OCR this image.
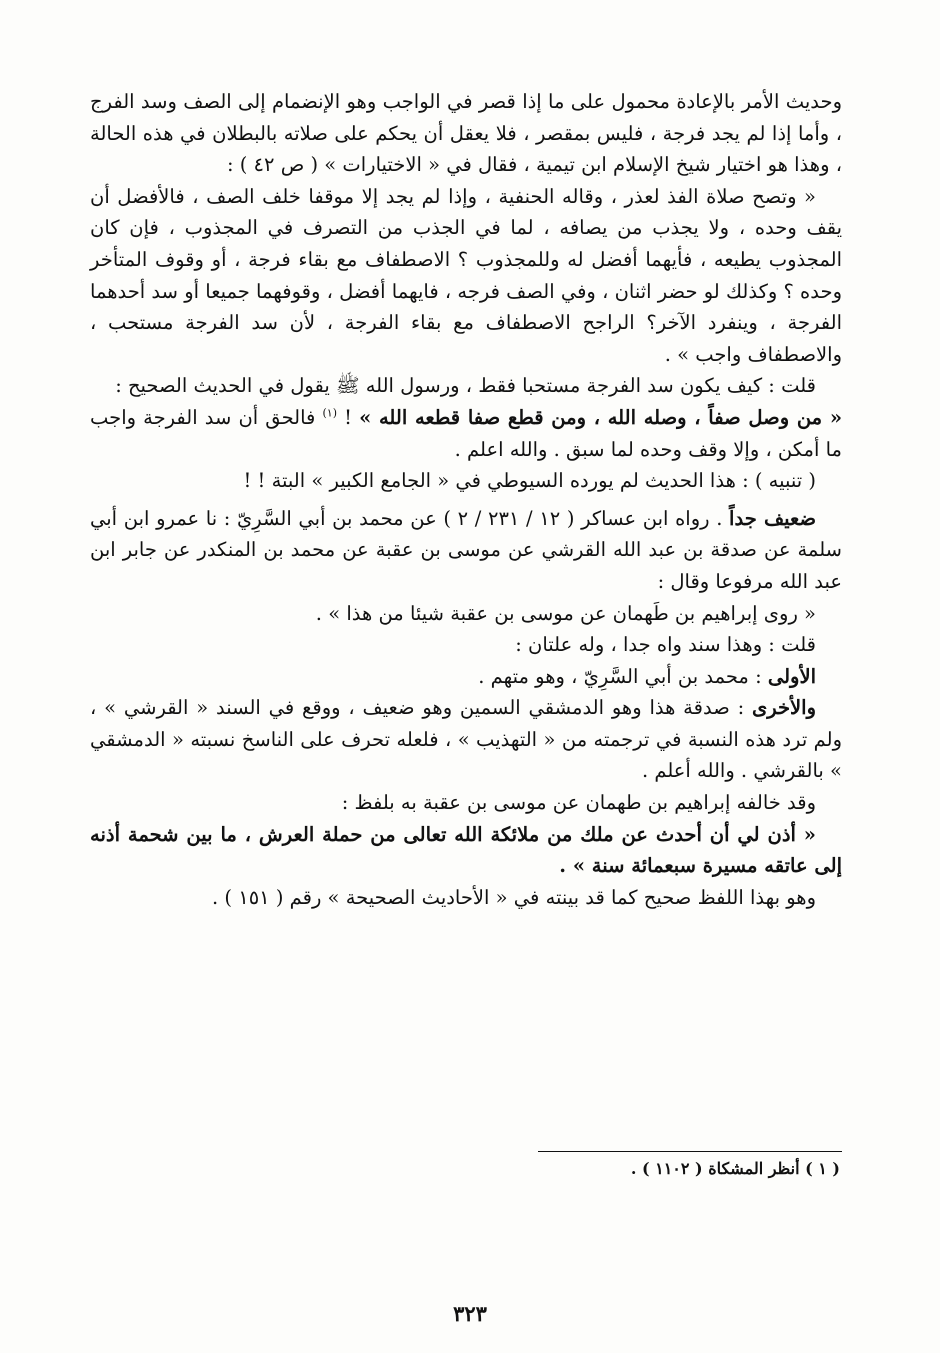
وحديث الأمر بالإعادة محمول على ما إذا قصر في الواجب وهو الإنضمام إلى الصف وسد الفرج ، وأما إذا لم يجد فرجة ، فليس بمقصر ، فلا يعقل أن يحكم على صلاته بالبطلان في هذه الحالة ، وهذا هو اختيار شيخ الإسلام ابن تيمية ، فقال في « الاختيارات » ( ص ٤٢ ) :

« وتصح صلاة الفذ لعذر ، وقاله الحنفية ، وإذا لم يجد إلا موقفا خلف الصف ، فالأفضل أن يقف وحده ، ولا يجذب من يصافه ، لما في الجذب من التصرف في المجذوب ، فإن كان المجذوب يطيعه ، فأيهما أفضل له وللمجذوب ؟ الاصطفاف مع بقاء فرجة ، أو وقوف المتأخر وحده ؟ وكذلك لو حضر اثنان ، وفي الصف فرجه ، فايهما أفضل ، وقوفهما جميعا أو سد أحدهما الفرجة ، وينفرد الآخر؟ الراجح الاصطفاف مع بقاء الفرجة ، لأن سد الفرجة مستحب ، والاصطفاف واجب » .

قلت : كيف يكون سد الفرجة مستحبا فقط ، ورسول الله ﷺ يقول في الحديث الصحيح :
« من وصل صفاً ، وصله الله ، ومن قطع صفا قطعه الله » ! $^{(١)}$ فالحق أن سد الفرجة واجب ما أمكن ، وإلا وقف وحده لما سبق . والله اعلم .

( تنبيه ) : هذا الحديث لم يورده السيوطي في « الجامع الكبير » البتة ! !

ضعيف جداً . رواه ابن عساكر ( ١٢ / ٢٣١ / ٢ ) عن محمد بن أبي السَّرِيّ : نا عمرو ابن أبي سلمة عن صدقة بن عبد الله القرشي عن موسى بن عقبة عن محمد بن المنكدر عن جابر ابن عبد الله مرفوعا وقال :

« روى إبراهيم بن طَهمان عن موسى بن عقبة شيئا من هذا » .

قلت : وهذا سند واه جدا ، وله علتان :

الأولى : محمد بن أبي السَّرِيّ ، وهو متهم .

والأخرى : صدقة هذا وهو الدمشقي السمين وهو ضعيف ، ووقع في السند « القرشي » ، ولم ترد هذه النسبة في ترجمته من « التهذيب » ، فلعله تحرف على الناسخ نسبته « الدمشقي » بالقرشي . والله أعلم .

وقد خالفه إبراهيم بن طهمان عن موسى بن عقبة به بلفظ :

« أذن لي أن أحدث عن ملك من ملائكة الله تعالى من حملة العرش ، ما بين شحمة أذنه إلى عاتقه مسيرة سبعمائة سنة » .

وهو بهذا اللفظ صحيح كما قد بينته في « الأحاديث الصحيحة » رقم ( ١٥١ ) .

( ١ ) أنظر المشكاة ( ١١٠٢ ) .
٣٢٣
